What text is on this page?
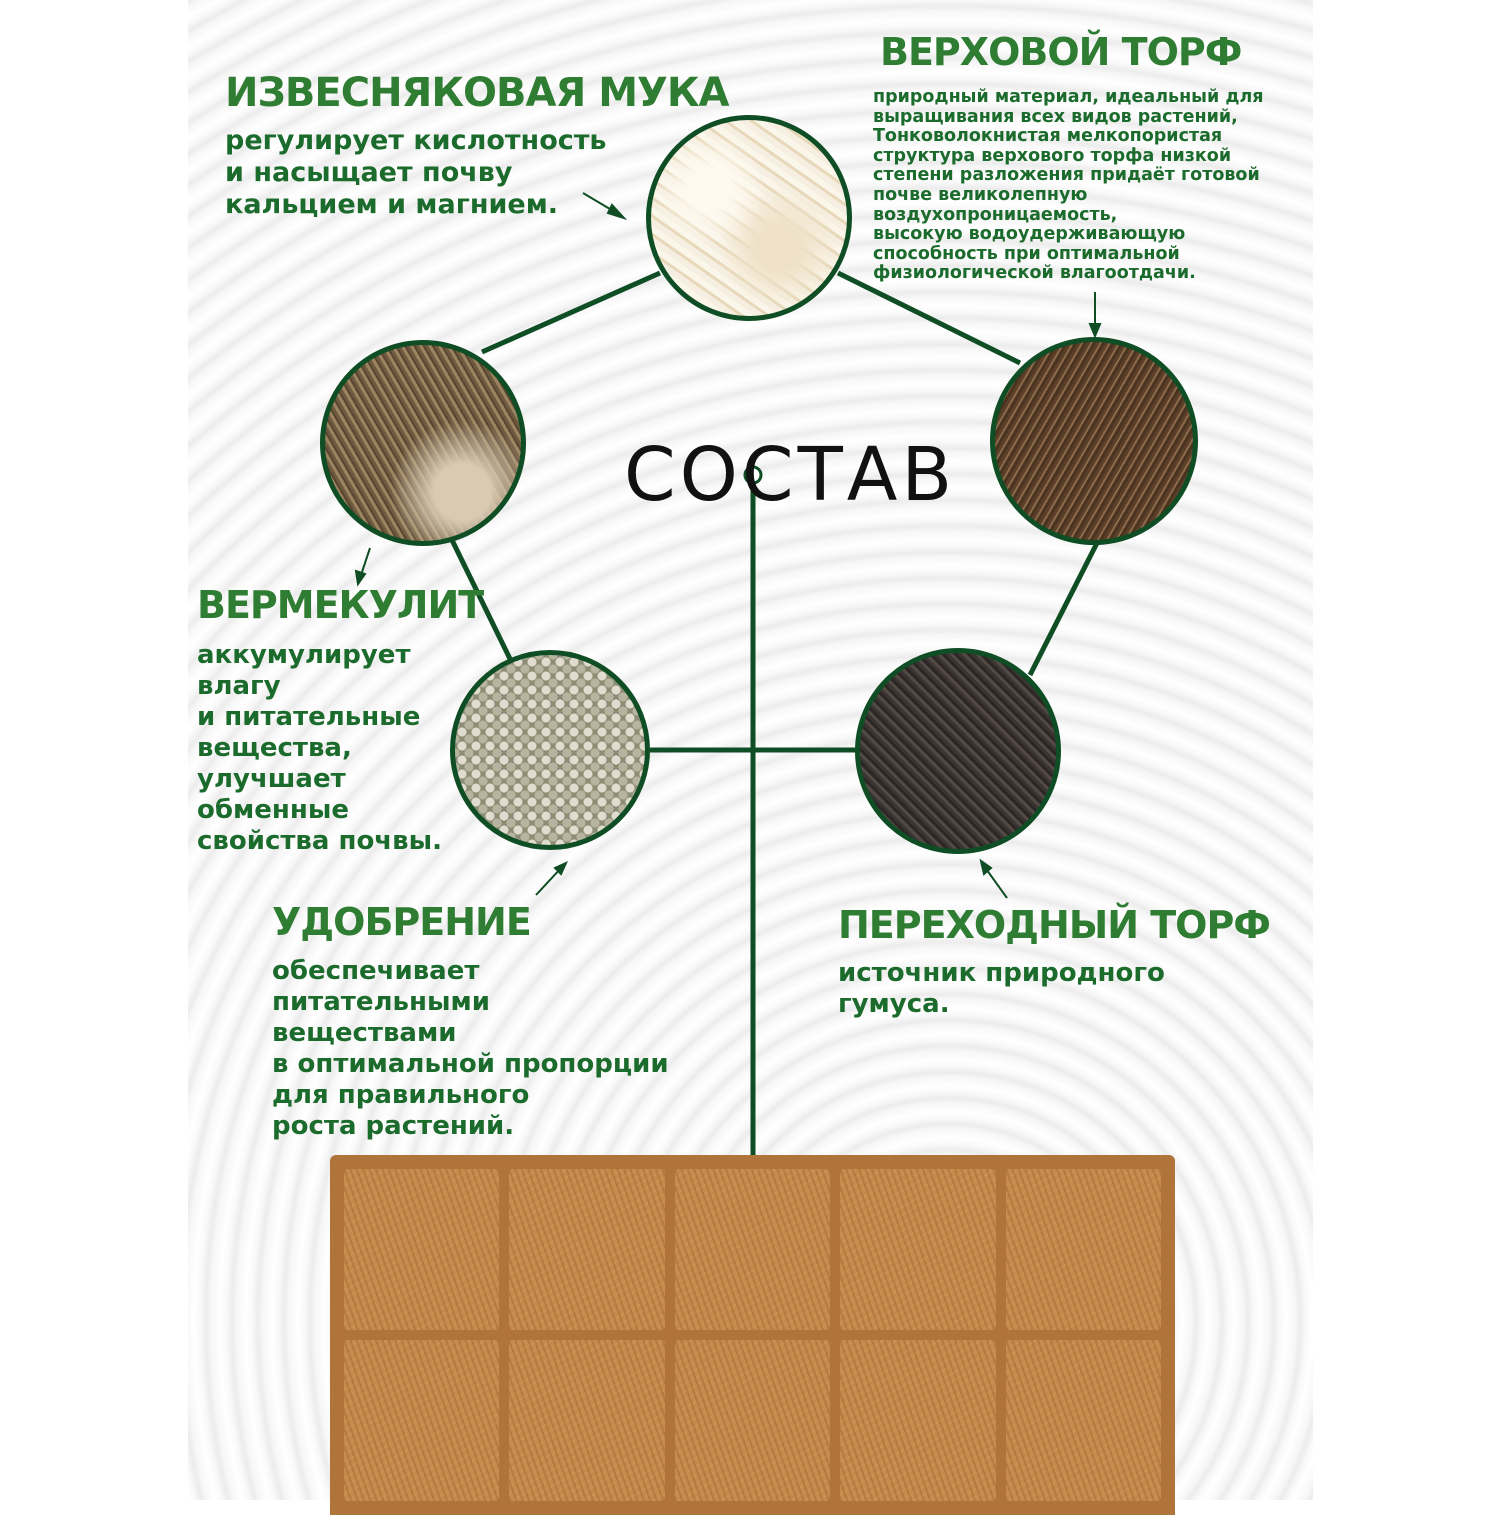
СОСТАВ
ИЗВЕСНЯКОВАЯ МУКА

регулирует кислотность
и насыщает почву
кальцием и магнием.

ВЕРХОВОЙ ТОРФ

природный материал, идеальный для
выращивания всех видов растений,
Тонковолокнистая мелкопористая
структура верхового торфа низкой
степени разложения придаёт готовой
почве великолепную
воздухопроницаемость,
высокую водоудерживающую
способность при оптимальной
физиологической влагоотдачи.

ВЕРМЕКУЛИТ

аккумулирует
влагу
и питательные
вещества,
улучшает
обменные
свойства почвы.

УДОБРЕНИЕ

обеспечивает
питательными
веществами
в оптимальной пропорции
для правильного
роста растений.

ПЕРЕХОДНЫЙ ТОРФ

источник природного
гумуса.
